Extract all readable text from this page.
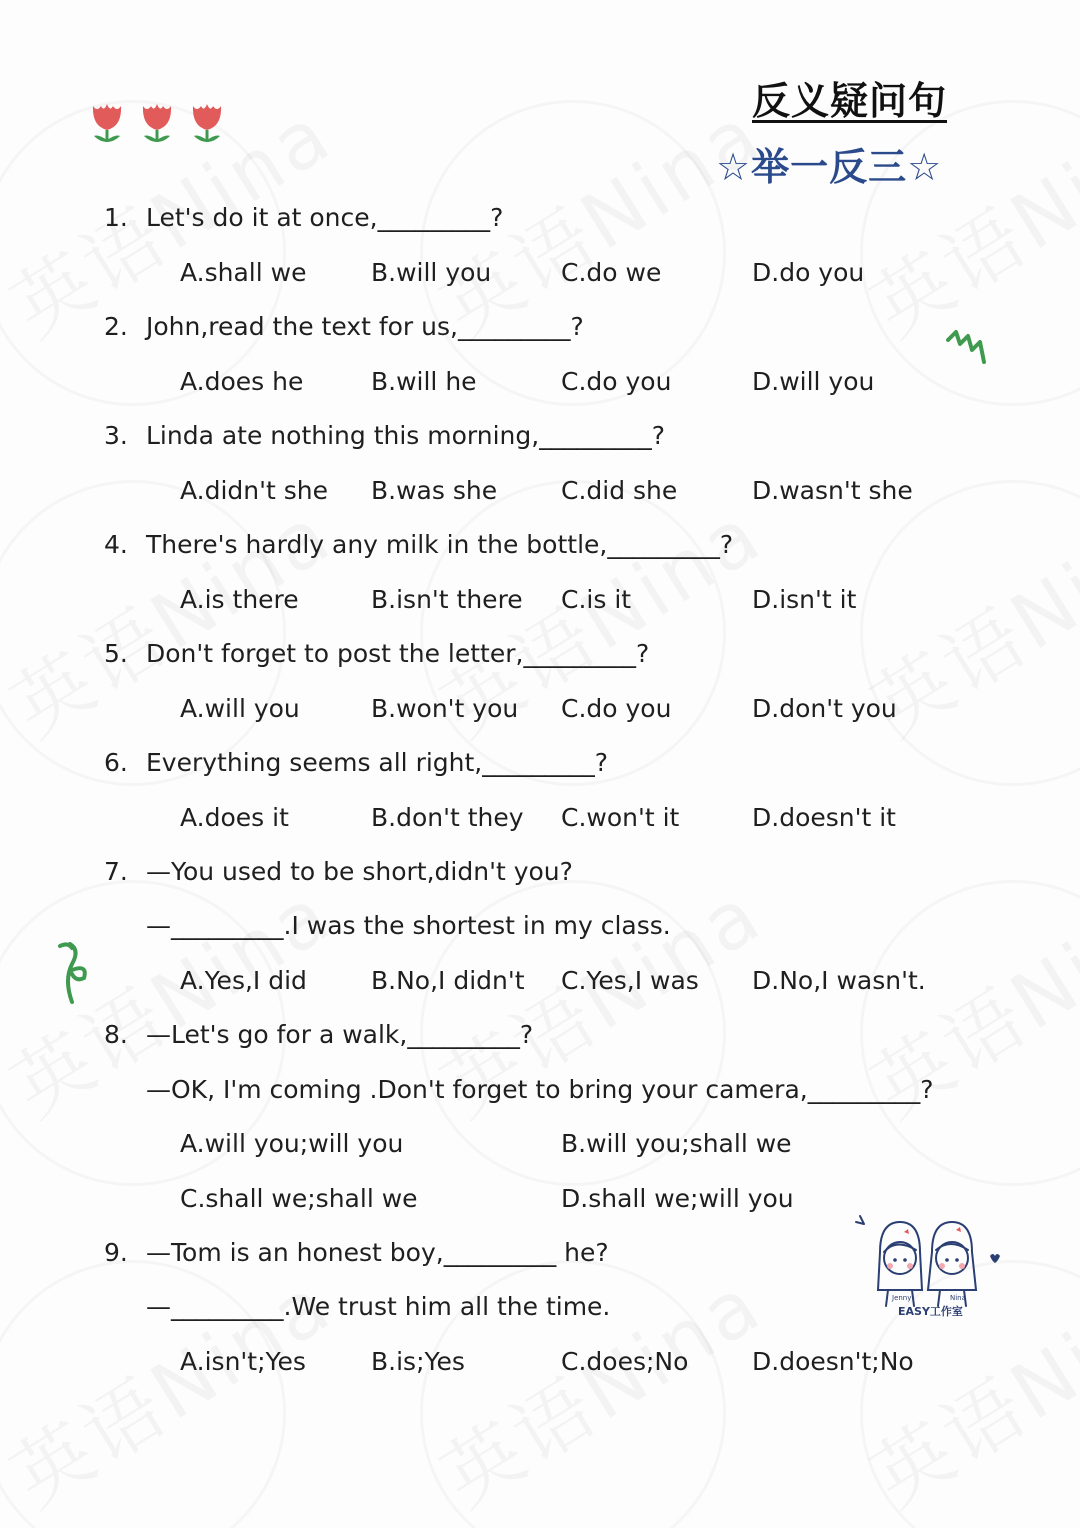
反义疑问句
☆举一反三☆
1. Let's do it at once,_________?
A.shall we	B.will you	C.do we	D.do you
2. John,read the text for us,_________?
A.does he	B.will he	C.do you	D.will you
3. Linda ate nothing this morning,_________?
A.didn't she B.was she	C.did she	D.wasn't she
4. There's hardly any milk in the bottle,_________?
A.is there	B.isn't there C.is it	D.isn't it
5. Don't forget to post the letter,_________?
A.will you	B.won't you C.do you	D.don't you
6. Everything seems all right,_________?
A.does it	B.don't they C.won't it	D.doesn't it
7. —You used to be short,didn't you?
—_________.I was the shortest in my class.
A.Yes,I did	B.No,I didn't C.Yes,I was D.No,I wasn't.
8. —Let's go for a walk,_________?
—OK, I'm coming .Don't forget to bring your camera,_________?
A.will you;will you	B.will you;shall we
C.shall we;shall we	D.shall we;will you
9. —Tom is an honest boy,_________ he?
—_________.We trust him all the time.
A.isn't;Yes	B.is;Yes	C.does;No	D.doesn't;No
Jenny	Nina
EASY工作室
